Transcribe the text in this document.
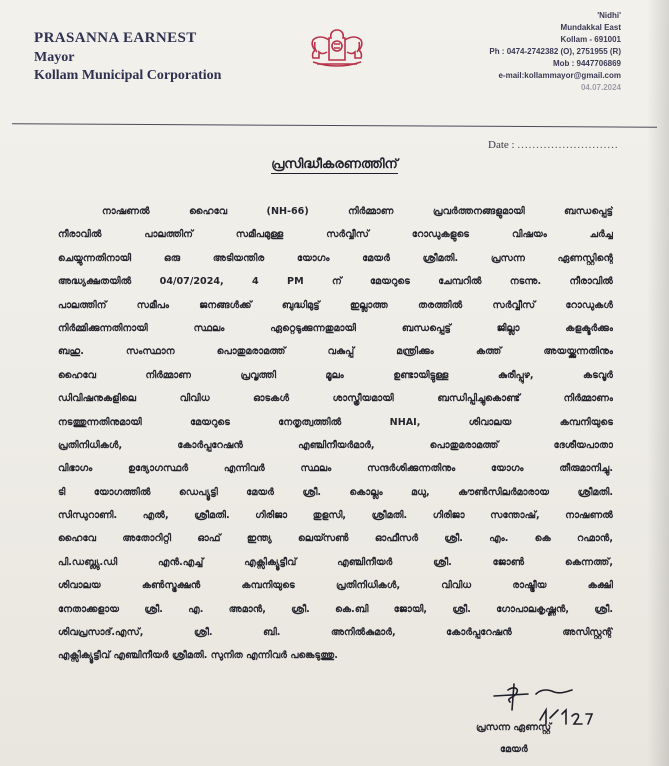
PRASANNA EARNEST
Mayor
Kollam Municipal Corporation
'Nidhi'
Mundakkal East
Kollam - 691001
Ph : 0474-2742382 (O), 2751955 (R)
Mob : 9447706869
e-mail:kollammayor@gmail.com
04.07.2024
Date : ...........................
പ്രസിദ്ധീകരണത്തിന്
നാഷണൽ ഹൈവേ (NH-66) നിർമ്മാണ പ്രവർത്തനങ്ങളുമായി ബന്ധപ്പെട്ട്
നീരാവിൽ പാലത്തിന് സമീപമുള്ള സർവ്വീസ് റോഡുകളുടെ വിഷയം ചർച്ച
ചെയ്യുന്നതിനായി ഒരു അടിയന്തിര യോഗം മേയർ ശ്രീമതി. പ്രസന്ന ഏണസ്റ്റിന്റെ
അദ്ധ്യക്ഷതയിൽ 04/07/2024, 4 PM ന് മേയറുടെ ചേമ്പറിൽ നടന്നു. നീരാവിൽ
പാലത്തിന് സമീപം ജനങ്ങൾക്ക് ബുദ്ധിമുട്ട് ഇല്ലാത്ത തരത്തിൽ സർവ്വീസ് റോഡുകൾ
നിർമ്മിക്കുന്നതിനായി സ്ഥലം ഏറ്റെടുക്കുന്നതുമായി ബന്ധപ്പെട്ട് ജില്ലാ കളക്ടർക്കും
ബഹു. സംസ്ഥാന പൊതുമരാമത്ത് വകുപ്പ് മന്ത്രിക്കും കത്ത് അയയ്ക്കുന്നതിനും
ഹൈവേ നിർമ്മാണ പ്രവൃത്തി മൂലം ഉണ്ടായിട്ടുള്ള കുരീപ്പുഴ, കടവൂർ
ഡിവിഷനുകളിലെ വിവിധ ഓടകൾ ശാസ്ത്രീയമായി ബന്ധിപ്പിച്ചുകൊണ്ട് നിർമ്മാണം
നടത്തുന്നതിനുമായി മേയറുടെ നേതൃത്വത്തിൽ NHAI, ശിവാലയ കമ്പനിയുടെ
പ്രതിനിധികൾ, കോർപ്പറേഷൻ എഞ്ചിനീയർമാർ, പൊതുമരാമത്ത് ദേശീയപാതാ
വിഭാഗം ഉദ്യോഗസ്ഥർ എന്നിവർ സ്ഥലം സന്ദർശിക്കുന്നതിനും യോഗം തീരുമാനിച്ചു.
ടി യോഗത്തിൽ ഡെപ്യൂട്ടി മേയർ ശ്രീ. കൊല്ലം മധു, കൗൺസിലർമാരായ ശ്രീമതി.
സിന്ധുറാണി. എൽ, ശ്രീമതി. ഗിരിജാ തുളസി, ശ്രീമതി. ഗിരിജാ സന്തോഷ്, നാഷണൽ
ഹൈവേ അതോറിറ്റി ഓഫ് ഇന്ത്യ ലെയ്സൺ ഓഫീസർ ശ്രീ. എം. കെ റഹ്മാൻ,
പി.ഡബ്ല്യു.ഡി എൻ.എച്ച് എക്സിക്യൂട്ടീവ് എഞ്ചിനീയർ ശ്രീ. ജോൺ കെന്നത്ത്,
ശിവാലയ കൺസ്ട്രക്ഷൻ കമ്പനിയുടെ പ്രതിനിധികൾ, വിവിധ രാഷ്ട്രീയ കക്ഷി
നേതാക്കളായ ശ്രീ. എ. അമാൻ, ശ്രീ. കെ.ബി ജോയി, ശ്രീ. ഗോപാലകൃഷ്ണൻ, ശ്രീ.
ശിവപ്രസാദ്.എസ്, ശ്രീ. ബി. അനിൽകുമാർ, കോർപ്പറേഷൻ അസിസ്റ്റന്റ്
എക്സിക്യൂട്ടീവ് എഞ്ചിനീയർ ശ്രീമതി. സുനിത എന്നിവർ പങ്കെടുത്തു.
പ്രസന്ന ഏണസ്റ്റ്
മേയർ
